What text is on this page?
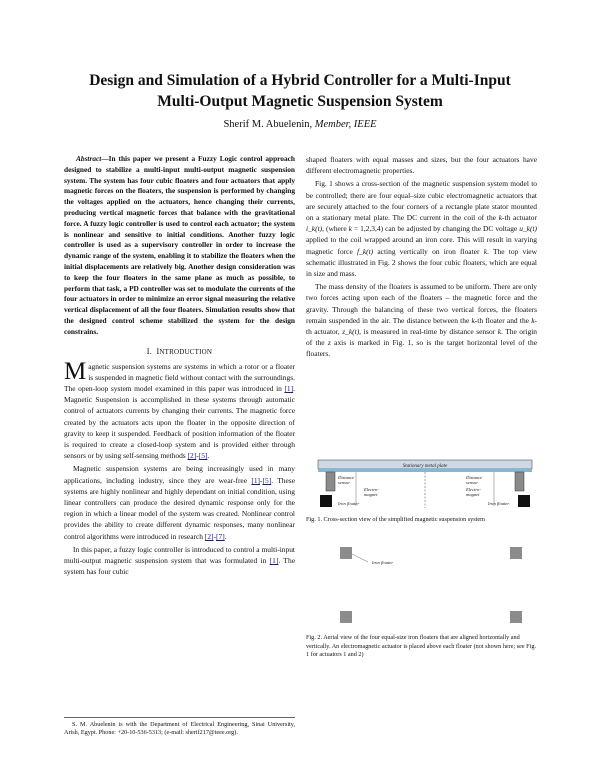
Design and Simulation of a Hybrid Controller for a Multi-Input
Multi-Output Magnetic Suspension System
Sherif M. Abuelenin, Member, IEEE

Abstract—In this paper we present a Fuzzy Logic control approach designed to stabilize a multi-input multi-output magnetic suspension system. The system has four cubic floaters and four actuators that apply magnetic forces on the floaters, the suspension is performed by changing the voltages applied on the actuators, hence changing their currents, producing vertical magnetic forces that balance with the gravitational force. A fuzzy logic controller is used to control each actuator; the system is nonlinear and sensitive to initial conditions. Another fuzzy logic controller is used as a supervisory controller in order to increase the dynamic range of the system, enabling it to stabilize the floaters when the initial displacements are relatively big. Another design consideration was to keep the four floaters in the same plane as much as possible, to perform that task, a PD controller was set to modulate the currents of the four actuators in order to minimize an error signal measuring the relative vertical displacement of all the four floaters. Simulation results show that the designed control scheme stabilized the system for the design constrains.

I. INTRODUCTION

Magnetic suspension systems are systems in which a rotor or a floater is suspended in magnetic field without contact with the surroundings. The open-loop system model examined in this paper was introduced in [1]. Magnetic Suspension is accomplished in these systems through automatic control of actuators currents by changing their currents. The magnetic force created by the actuators acts upon the floater in the opposite direction of gravity to keep it suspended. Feedback of position information of the floater is required to create a closed-loop system and is provided either through sensors or by using self-sensing methods [2]-[5].

Magnetic suspension systems are being increasingly used in many applications, including industry, since they are wear-free [1]-[5]. These systems are highly nonlinear and highly dependant on initial condition, using linear controllers can produce the desired dynamic response only for the region in which a linear model of the system was created. Nonlinear control provides the ability to create different dynamic responses, many nonlinear control algorithms were introduced in research [2]-[7].

In this paper, a fuzzy logic controller is introduced to control a multi-input multi-output magnetic suspension system that was formulated in [1]. The system has four cubic

shaped floaters with equal masses and sizes, but the four actuators have different electromagnetic properties.

Fig. 1 shows a cross-section of the magnetic suspension system model to be controlled; there are four equal–size cubic electromagnetic actuators that are securely attached to the four corners of a rectangle plate stator mounted on a stationary metal plate. The DC current in the coil of the k-th actuator i_k(t), (where k = 1,2,3,4) can be adjusted by changing the DC voltage u_k(t) applied to the coil wrapped around an iron core. This will result in varying magnetic force f_k(t) acting vertically on iron floater k. The top view schematic illustrated in Fig. 2 shows the four cubic floaters, which are equal in size and mass.

The mass density of the floaters is assumed to be uniform. There are only two forces acting upon each of the floaters – the magnetic force and the gravity. Through the balancing of these two vertical forces, the floaters remain suspended in the air. The distance between the k-th floater and the k-th actuator, z_k(t), is measured in real-time by distance sensor k. The origin of the z axis is marked in Fig. 1, so is the target horizontal level of the floaters.

Stationary metal plate
Distance
sensor
Electro-
magnet
Iron floater
Distance
sensor
Electro-
magnet
Iron floater
Fig. 1. Cross-section view of the simplified magnetic suspension system
Iron floater
Fig. 2. Aerial view of the four equal-size iron floaters that are aligned horizontally and vertically. An electromagnetic actuator is placed above each floater (not shown here; see Fig. 1 for actuators 1 and 2)
S. M. Abuelenin is with the Department of Electrical Engineering, Sinai University, Arish, Egypt. Phone: +20-10-536-5313; (e-mail: sherif217@ieee.org).
